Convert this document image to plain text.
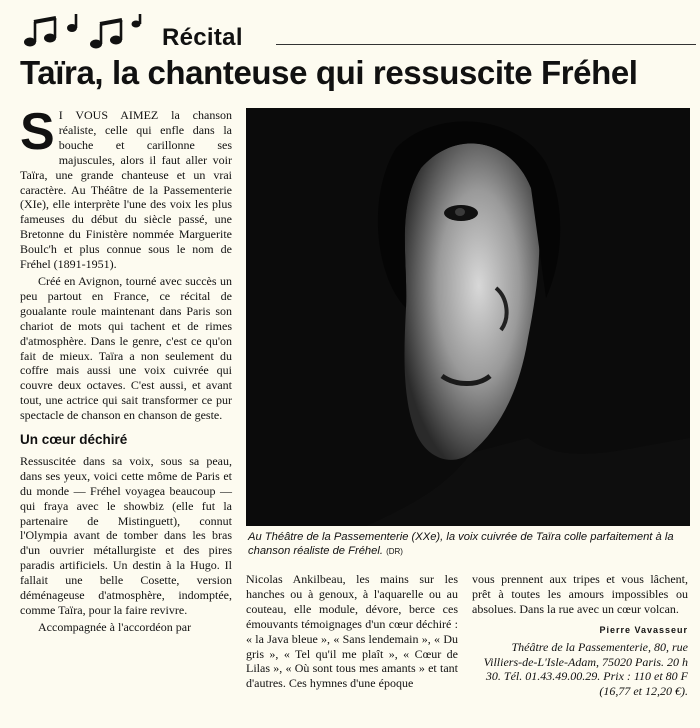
Récital
Taïra, la chanteuse qui ressuscite Fréhel

S I VOUS AIMEZ la chanson réaliste, celle qui enfle dans la bouche et carillonne ses majuscules, alors il faut aller voir Taïra, une grande chanteuse et un vrai caractère. Au Théâtre de la Passementerie (XIe), elle interprète l'une des voix les plus fameuses du début du siècle passé, une Bretonne du Finistère nommée Marguerite Boulc'h et plus connue sous le nom de Fréhel (1891-1951).

Créé en Avignon, tourné avec succès un peu partout en France, ce récital de goualante roule maintenant dans Paris son chariot de mots qui tachent et de rimes d'atmosphère. Dans le genre, c'est ce qu'on fait de mieux. Taïra a non seulement du coffre mais aussi une voix cuivrée qui couvre deux octaves. C'est aussi, et avant tout, une actrice qui sait transformer ce pur spectacle de chanson en chanson de geste.

Un cœur déchiré

Ressuscitée dans sa voix, sous sa peau, dans ses yeux, voici cette môme de Paris et du monde — Fréhel voyagea beaucoup — qui fraya avec le showbiz (elle fut la partenaire de Mistinguett), connut l'Olympia avant de tomber dans les bras d'un ouvrier métallurgiste et des pires paradis artificiels. Un destin à la Hugo. Il fallait une belle Cosette, version déménageuse d'atmosphère, indomptée, comme Taïra, pour la faire revivre.

Accompagnée à l'accordéon par

Au Théâtre de la Passementerie (XXe), la voix cuivrée de Taïra colle parfaitement à la chanson réaliste de Fréhel. (DR)

Nicolas Ankilbeau, les mains sur les hanches ou à genoux, à l'aquarelle ou au couteau, elle module, dévore, berce ces émouvants témoignages d'un cœur déchiré : « la Java bleue », « Sans lendemain », « Du gris », « Tel qu'il me plaît », « Cœur de Lilas », « Où sont tous mes amants » et tant d'autres. Ces hymnes d'une époque

vous prennent aux tripes et vous lâchent, prêt à toutes les amours impossibles ou absolues. Dans la rue avec un cœur volcan.

Pierre Vavasseur

Théâtre de la Passementerie, 80, rue Villiers-de-L'Isle-Adam, 75020 Paris. 20 h 30. Tél. 01.43.49.00.29. Prix : 110 et 80 F (16,77 et 12,20 €).
